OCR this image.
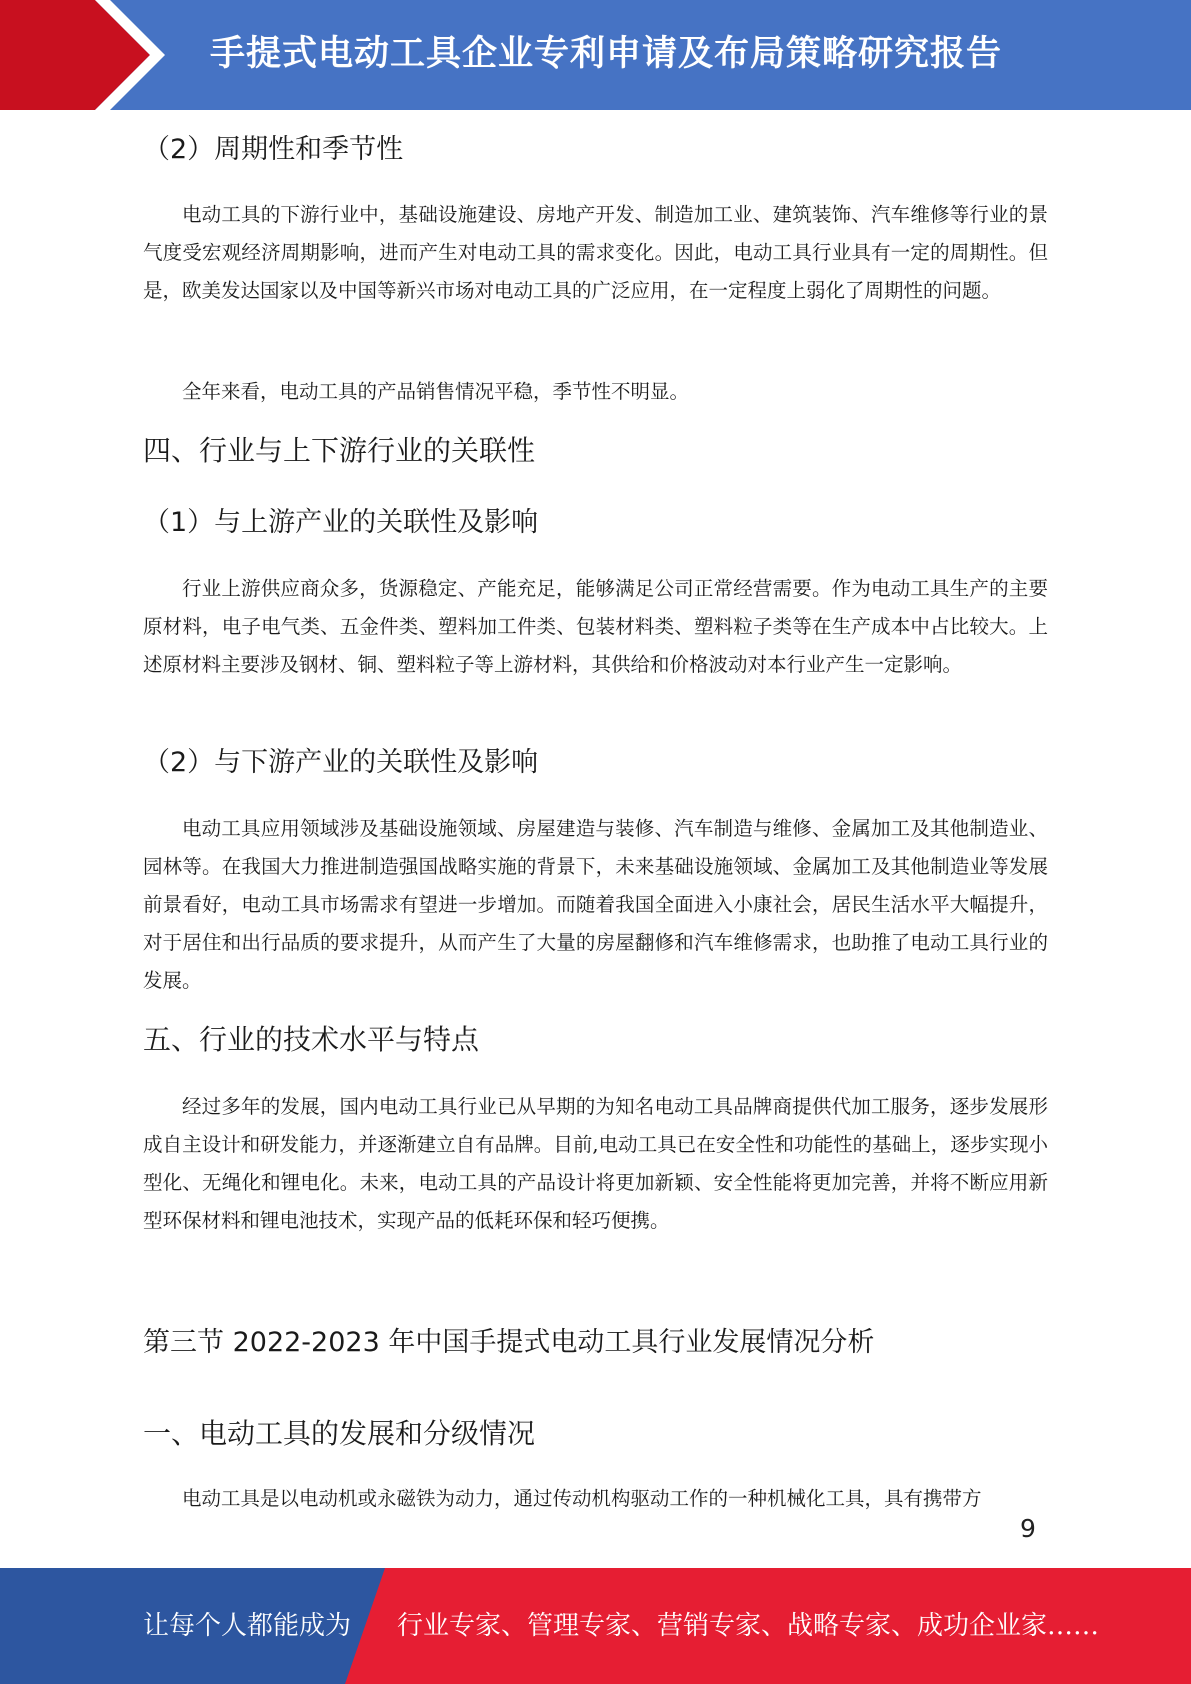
手提式电动工具企业专利申请及布局策略研究报告
（2）周期性和季节性

电动工具的下游行业中，基础设施建设、房地产开发、制造加工业、建筑装饰、汽车维修等行业的景气度受宏观经济周期影响，进而产生对电动工具的需求变化。因此，电动工具行业具有一定的周期性。但是，欧美发达国家以及中国等新兴市场对电动工具的广泛应用，在一定程度上弱化了周期性的问题。

全年来看，电动工具的产品销售情况平稳，季节性不明显。

四、行业与上下游行业的关联性
（1）与上游产业的关联性及影响

行业上游供应商众多，货源稳定、产能充足，能够满足公司正常经营需要。作为电动工具生产的主要原材料，电子电气类、五金件类、塑料加工件类、包装材料类、塑料粒子类等在生产成本中占比较大。上述原材料主要涉及钢材、铜、塑料粒子等上游材料，其供给和价格波动对本行业产生一定影响。

（2）与下游产业的关联性及影响

电动工具应用领域涉及基础设施领域、房屋建造与装修、汽车制造与维修、金属加工及其他制造业、园林等。在我国大力推进制造强国战略实施的背景下，未来基础设施领域、金属加工及其他制造业等发展前景看好，电动工具市场需求有望进一步增加。而随着我国全面进入小康社会，居民生活水平大幅提升，对于居住和出行品质的要求提升，从而产生了大量的房屋翻修和汽车维修需求，也助推了电动工具行业的发展。

五、行业的技术水平与特点

经过多年的发展，国内电动工具行业已从早期的为知名电动工具品牌商提供代加工服务，逐步发展形成自主设计和研发能力，并逐渐建立自有品牌。目前,电动工具已在安全性和功能性的基础上，逐步实现小型化、无绳化和锂电化。未来，电动工具的产品设计将更加新颖、安全性能将更加完善，并将不断应用新型环保材料和锂电池技术，实现产品的低耗环保和轻巧便携。

第三节 2022-2023 年中国手提式电动工具行业发展情况分析
一、电动工具的发展和分级情况

电动工具是以电动机或永磁铁为动力，通过传动机构驱动工作的一种机械化工具，具有携带方

9
让每个人都能成为 行业专家、管理专家、营销专家、战略专家、成功企业家……
